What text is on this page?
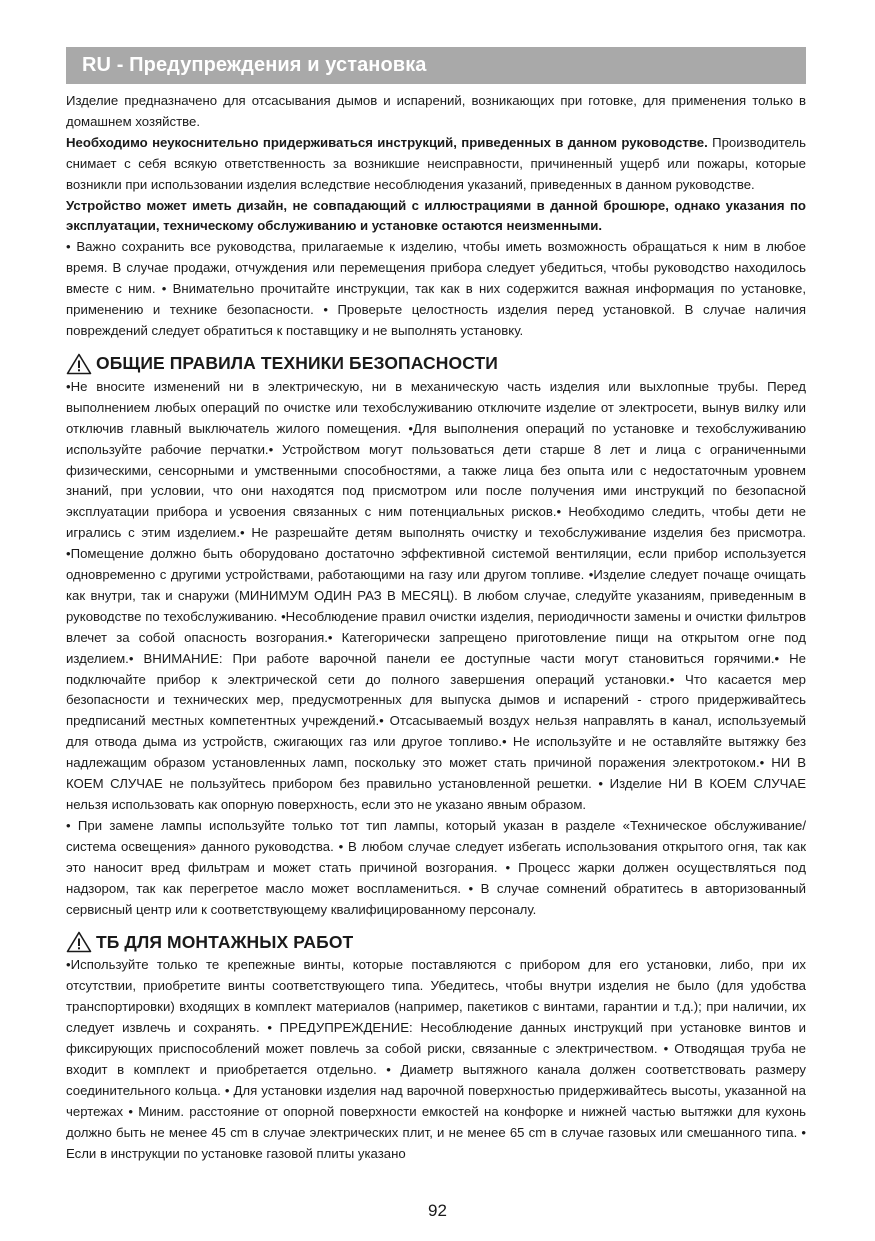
RU - Предупреждения и установка

Изделие предназначено для отсасывания дымов и испарений, возникающих при готовке, для применения только в домашнем хозяйстве.

Необходимо неукоснительно придерживаться инструкций, приведенных в данном руководстве. Производитель снимает с себя всякую ответственность за возникшие неисправности, причиненный ущерб или пожары, которые возникли при использовании изделия вследствие несоблюдения указаний, приведенных в данном руководстве.

Устройство может иметь дизайн, не совпадающий с иллюстрациями в данной брошюре, однако указания по эксплуатации, техническому обслуживанию и установке остаются неизменными.

• Важно сохранить все руководства, прилагаемые к изделию, чтобы иметь возможность обращаться к ним в любое время. В случае продажи, отчуждения или перемещения прибора следует убедиться, чтобы руководство находилось вместе с ним. • Внимательно прочитайте инструкции, так как в них содержится важная информация по установке, применению и технике безопасности. • Проверьте целостность изделия перед установкой. В случае наличия повреждений следует обратиться к поставщику и не выполнять установку.

ОБЩИЕ ПРАВИЛА ТЕХНИКИ БЕЗОПАСНОСТИ

•Не вносите изменений ни в электрическую, ни в механическую часть изделия или выхлопные трубы. Перед выполнением любых операций по очистке или техобслуживанию отключите изделие от электросети, вынув вилку или отключив главный выключатель жилого помещения. •Для выполнения операций по установке и техобслуживанию используйте рабочие перчатки.• Устройством могут пользоваться дети старше 8 лет и лица с ограниченными физическими, сенсорными и умственными способностями, а также лица без опыта или с недостаточным уровнем знаний, при условии, что они находятся под присмотром или после получения ими инструкций по безопасной эксплуатации прибора и усвоения связанных с ним потенциальных рисков.• Необходимо следить, чтобы дети не игрались с этим изделием.• Не разрешайте детям выполнять очистку и техобслуживание изделия без присмотра. •Помещение должно быть оборудовано достаточно эффективной системой вентиляции, если прибор используется одновременно с другими устройствами, работающими на газу или другом топливе. •Изделие следует почаще очищать как внутри, так и снаружи (МИНИМУМ ОДИН РАЗ В МЕСЯЦ). В любом случае, следуйте указаниям, приведенным в руководстве по техобслуживанию. •Несоблюдение правил очистки изделия, периодичности замены и очистки фильтров влечет за собой опасность возгорания.• Категорически запрещено приготовление пищи на открытом огне под изделием.• ВНИМАНИЕ: При работе варочной панели ее доступные части могут становиться горячими.• Не подключайте прибор к электрической сети до полного завершения операций установки.• Что касается мер безопасности и технических мер, предусмотренных для выпуска дымов и испарений - строго придерживайтесь предписаний местных компетентных учреждений.• Отсасываемый воздух нельзя направлять в канал, используемый для отвода дыма из устройств, сжигающих газ или другое топливо.• Не используйте и не оставляйте вытяжку без надлежащим образом установленных ламп, поскольку это может стать причиной поражения электротоком.• НИ В КОЕМ СЛУЧАЕ не пользуйтесь прибором без правильно установленной решетки. • Изделие НИ В КОЕМ СЛУЧАЕ нельзя использовать как опорную поверхность, если это не указано явным образом.

• При замене лампы используйте только тот тип лампы, который указан в разделе «Техническое обслуживание/ система освещения» данного руководства. • В любом случае следует избегать использования открытого огня, так как это наносит вред фильтрам и может стать причиной возгорания. • Процесс жарки должен осуществляться под надзором, так как перегретое масло может воспламениться. • В случае сомнений обратитесь в авторизованный сервисный центр или к соответствующему квалифицированному персоналу.

ТБ ДЛЯ МОНТАЖНЫХ РАБОТ

•Используйте только те крепежные винты, которые поставляются с прибором для его установки, либо, при их отсутствии, приобретите винты соответствующего типа. Убедитесь, чтобы внутри изделия не было (для удобства транспортировки) входящих в комплект материалов (например, пакетиков с винтами, гарантии и т.д.); при наличии, их следует извлечь и сохранять. • ПРЕДУПРЕЖДЕНИЕ: Несоблюдение данных инструкций при установке винтов и фиксирующих приспособлений может повлечь за собой риски, связанные с электричеством. • Отводящая труба не входит в комплект и приобретается отдельно. • Диаметр вытяжного канала должен соответствовать размеру соединительного кольца. • Для установки изделия над варочной поверхностью придерживайтесь высоты, указанной на чертежах • Миним. расстояние от опорной поверхности емкостей на конфорке и нижней частью вытяжки для кухонь должно быть не менее 45 cm в случае электрических плит, и не менее 65 cm в случае газовых или смешанного типа. • Если в инструкции по установке газовой плиты указано

92
